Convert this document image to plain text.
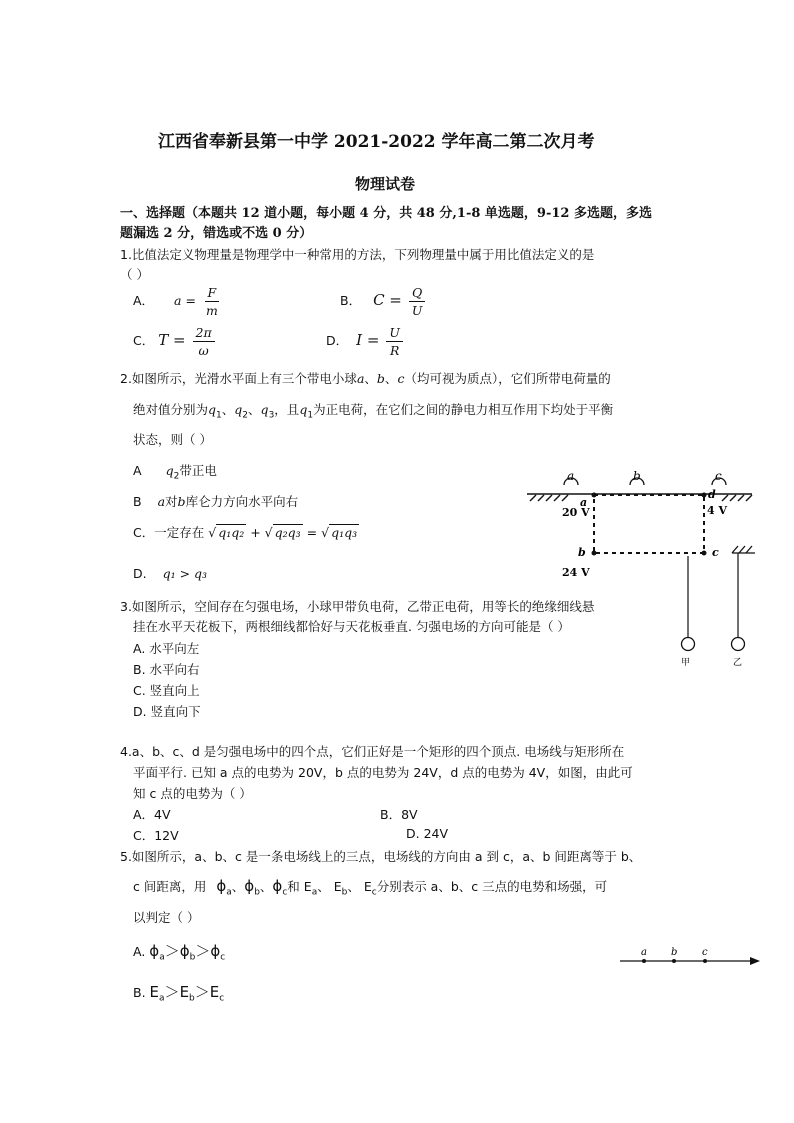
江西省奉新县第一中学 2021-2022 学年高二第二次月考
物理试卷
一、选择题（本题共 12 道小题，每小题 4 分，共 48 分,1-8 单选题，9-12 多选题，多选
题漏选 2 分，错选或不选 0 分）
1.比值法定义物理量是物理学中一种常用的方法，下列物理量中属于用比值法定义的是
（ ）
A． $a = \frac{F}{m}$	B． $C = \frac{Q}{U}$
C． $T = \frac{2\pi}{\omega}$	D． $I = \frac{U}{R}$
2.如图所示，光滑水平面上有三个带电小球a、b、c（均可视为质点），它们所带电荷量的
绝对值分别为$q_1$、$q_2$、$q_3$，且$q_1$为正电荷，在它们之间的静电力相互作用下均处于平衡
状态，则（ ）
A $q_2$带正电
B a对b库仑力方向水平向右
C．一定存在 √ q₁q₂ + √ q₂q₃ = √ q₁q₃
D. q₁ > q₃
3.如图所示，空间存在匀强电场，小球甲带负电荷，乙带正电荷，用等长的绝缘细线悬
挂在水平天花板下，两根细线都恰好与天花板垂直. 匀强电场的方向可能是（ ）
A. 水平向左
B. 水平向右
C. 竖直向上
D. 竖直向下
4.a、b、c、d 是匀强电场中的四个点，它们正好是一个矩形的四个顶点. 电场线与矩形所在
平面平行. 已知 a 点的电势为 20V，b 点的电势为 24V，d 点的电势为 4V，如图，由此可
知 c 点的电势为（ ）
A．4V	B．8V
C．12V	D. 24V
5.如图所示，a、b、c 是一条电场线上的三点，电场线的方向由 a 到 c，a、b 间距离等于 b、
c 间距离，用 $\phi_a$、$\phi_b$、$\phi_c$和 $E_a$、 $E_b$、 $E_c$分别表示 a、b、c 三点的电势和场强，可
以判定（ ）
A. $\phi_a>\phi_b>\phi_c$
B. $E_a>E_b>E_c$
a	b	c
a
d
b	c
20 V	4 V
24 V
甲	乙
a b c
